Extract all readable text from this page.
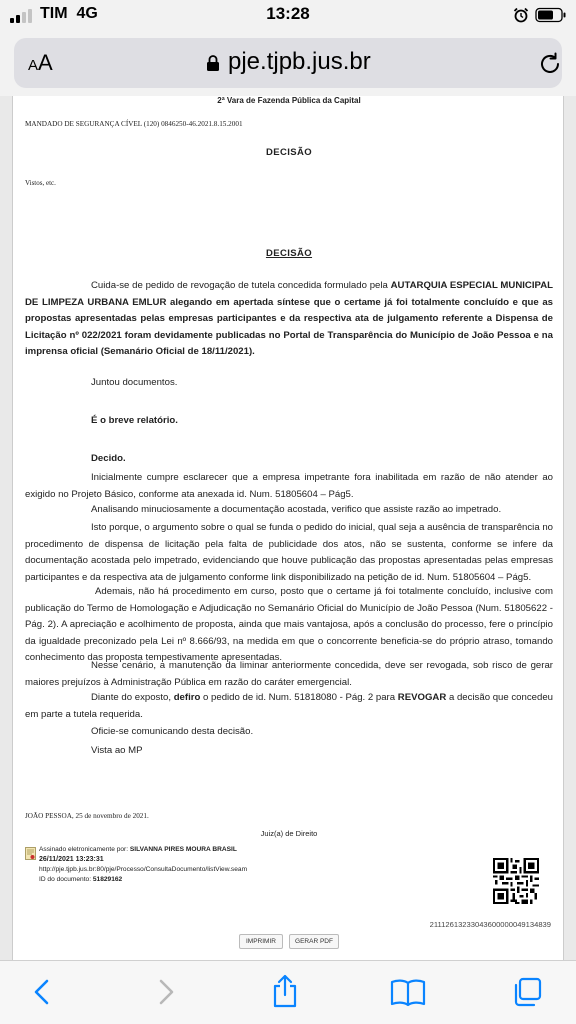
TIM 4G	13:28
AA	pje.tjpb.jus.br
2ª Vara de Fazenda Pública da Capital
MANDADO DE SEGURANÇA CÍVEL (120) 0846250-46.2021.8.15.2001
DECISÃO
Vistos, etc.
DECISÃO
Cuida-se de pedido de revogação de tutela concedida formulado pela AUTARQUIA ESPECIAL MUNICIPAL DE LIMPEZA URBANA EMLUR alegando em apertada síntese que o certame já foi totalmente concluído e que as propostas apresentadas pelas empresas participantes e da respectiva ata de julgamento referente a Dispensa de Licitação nº 022/2021 foram devidamente publicadas no Portal de Transparência do Município de João Pessoa e na imprensa oficial (Semanário Oficial de 18/11/2021).
Juntou documentos.
É o breve relatório.
Decido.
Inicialmente cumpre esclarecer que a empresa impetrante fora inabilitada em razão de não atender ao exigido no Projeto Básico, conforme ata anexada id. Num. 51805604 – Pág5.
Analisando minuciosamente a documentação acostada, verifico que assiste razão ao impetrado.
Isto porque, o argumento sobre o qual se funda o pedido do inicial, qual seja a ausência de transparência no procedimento de dispensa de licitação pela falta de publicidade dos atos, não se sustenta, conforme se infere da documentação acostada pelo impetrado, evidenciando que houve publicação das propostas apresentadas pelas empresas participantes e da respectiva ata de julgamento conforme link disponibilizado na petição de id. Num. 51805604 – Pág5.
Ademais, não há procedimento em curso, posto que o certame já foi totalmente concluído, inclusive com publicação do Termo de Homologação e Adjudicação no Semanário Oficial do Município de João Pessoa (Num. 51805622 - Pág. 2). A apreciação e acolhimento de proposta, ainda que mais vantajosa, após a conclusão do processo, fere o princípio da igualdade preconizado pela Lei nº 8.666/93, na medida em que o concorrente beneficia-se do próprio atraso, tomando conhecimento das proposta tempestivamente apresentadas.
Nesse cenário, a manutenção da liminar anteriormente concedida, deve ser revogada, sob risco de gerar maiores prejuízos à Administração Pública em razão do caráter emergencial.
Diante do exposto, defiro o pedido de id. Num. 51818080 - Pág. 2 para REVOGAR a decisão que concedeu em parte a tutela requerida.
Oficie-se comunicando desta decisão.
Vista ao MP
JOÃO PESSOA, 25 de novembro de 2021.
Juiz(a) de Direito
Assinado eletronicamente por: SILVANNA PIRES MOURA BRASIL
26/11/2021 13:23:31
http://pje.tjpb.jus.br:80/pje/Processo/ConsultaDocumento/listView.seam
ID do documento: 51829162
21112613233043600000049134839
IMPRIMIR	GERAR PDF
